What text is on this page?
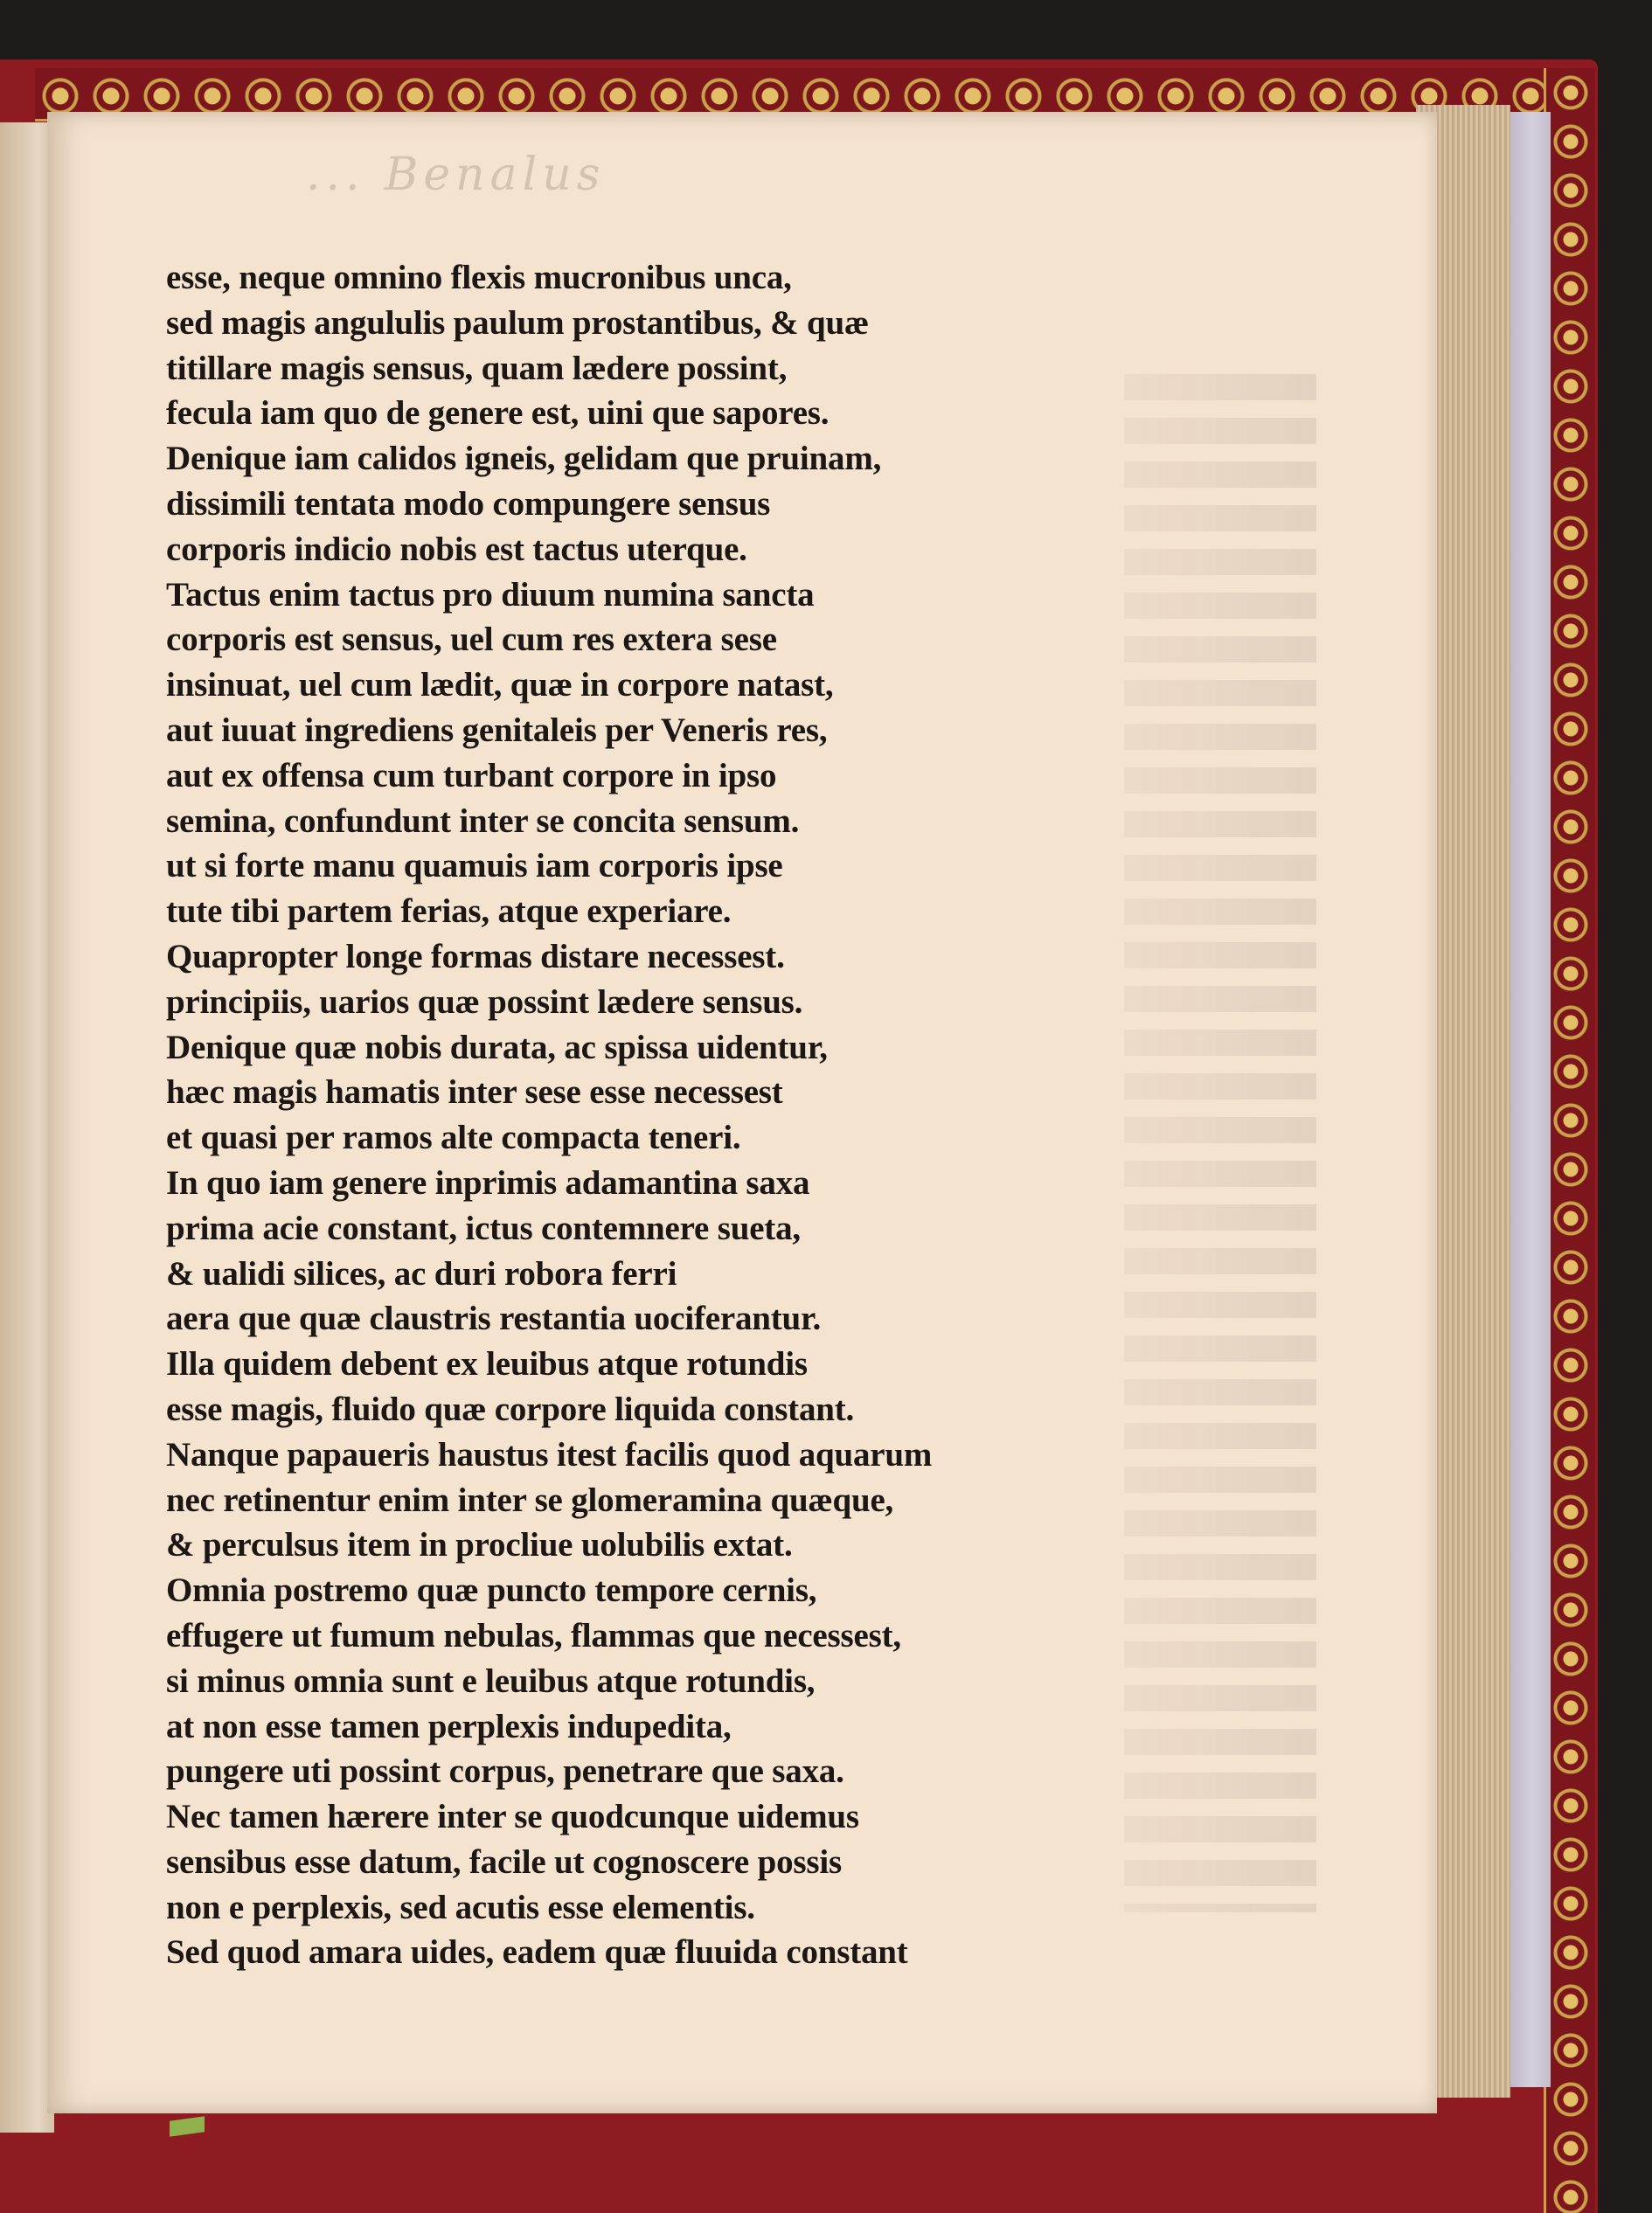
... Benalus
esse, neque omnino flexis mucronibus unca,
sed magis angululis paulum prostantibus, & quæ
titillare magis sensus, quam lædere possint,
fecula iam quo de genere est, uini que sapores.
Denique iam calidos igneis, gelidam que pruinam,
dissimili tentata modo compungere sensus
corporis indicio nobis est tactus uterque.
Tactus enim tactus pro diuum numina sancta
corporis est sensus, uel cum res extera sese
insinuat, uel cum lædit, quæ in corpore natast,
aut iuuat ingrediens genitaleis per Veneris res,
aut ex offensa cum turbant corpore in ipso
semina, confundunt inter se concita sensum.
ut si forte manu quamuis iam corporis ipse
tute tibi partem ferias, atque experiare.
Quapropter longe formas distare necessest.
principiis, uarios quæ possint lædere sensus.
Denique quæ nobis durata, ac spissa uidentur,
hæc magis hamatis inter sese esse necessest
et quasi per ramos alte compacta teneri.
In quo iam genere inprimis adamantina saxa
prima acie constant, ictus contemnere sueta,
& ualidi silices, ac duri robora ferri
aera que quæ claustris restantia uociferantur.
Illa quidem debent ex leuibus atque rotundis
esse magis, fluido quæ corpore liquida constant.
Nanque papaueris haustus itest facilis quod aquarum
nec retinentur enim inter se glomeramina quæque,
& perculsus item in procliue uolubilis extat.
Omnia postremo quæ puncto tempore cernis,
effugere ut fumum nebulas, flammas que necessest,
si minus omnia sunt e leuibus atque rotundis,
at non esse tamen perplexis indupedita,
pungere uti possint corpus, penetrare que saxa.
Nec tamen hærere inter se quodcunque uidemus
sensibus esse datum, facile ut cognoscere possis
non e perplexis, sed acutis esse elementis.
Sed quod amara uides, eadem quæ fluuida constant
